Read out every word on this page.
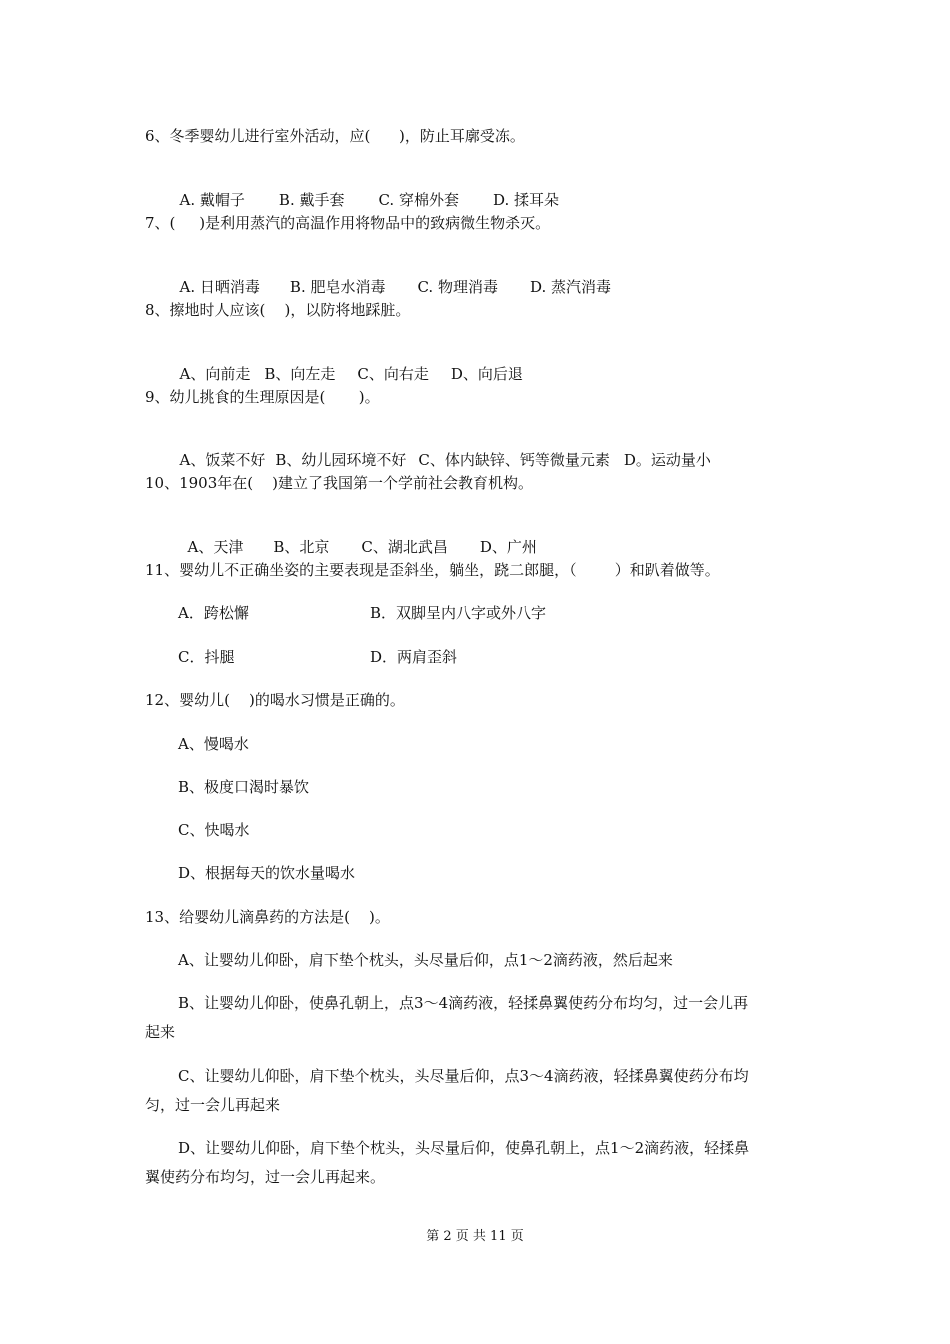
6、冬季婴幼儿进行室外活动，应(      )，防止耳廓受冻。

A. 戴帽子 B. 戴手套 C. 穿棉外套 D. 揉耳朵

7、(     )是利用蒸汽的高温作用将物品中的致病微生物杀灭。

A. 日晒消毒 B. 肥皂水消毒 C. 物理消毒 D. 蒸汽消毒

8、擦地时人应该(    )，以防将地踩脏。

A、向前走 B、向左走 C、向右走 D、向后退

9、幼儿挑食的生理原因是(       )。

A、饭菜不好 B、幼儿园环境不好 C、体内缺锌、钙等微量元素 D。运动量小

10、1903年在(    )建立了我国第一个学前社会教育机构。

A、天津 B、北京 C、湖北武昌 D、广州

11、婴幼儿不正确坐姿的主要表现是歪斜坐，躺坐，跷二郎腿，（        ）和趴着做等。
A．跨松懈	B．双脚呈内八字或外八字
C．抖腿	D．两肩歪斜
12、婴幼儿(    )的喝水习惯是正确的。
A、慢喝水
B、极度口渴时暴饮
C、快喝水
D、根据每天的饮水量喝水
13、给婴幼儿滴鼻药的方法是(    )。
A、让婴幼儿仰卧，肩下垫个枕头，头尽量后仰，点1～2滴药液，然后起来
B、让婴幼儿仰卧，使鼻孔朝上，点3～4滴药液，轻揉鼻翼使药分布均匀，过一会儿再
起来
C、让婴幼儿仰卧，肩下垫个枕头，头尽量后仰，点3～4滴药液，轻揉鼻翼使药分布均
匀，过一会儿再起来
D、让婴幼儿仰卧，肩下垫个枕头，头尽量后仰，使鼻孔朝上，点1～2滴药液，轻揉鼻
翼使药分布均匀，过一会儿再起来。
第 2 页 共 11 页
